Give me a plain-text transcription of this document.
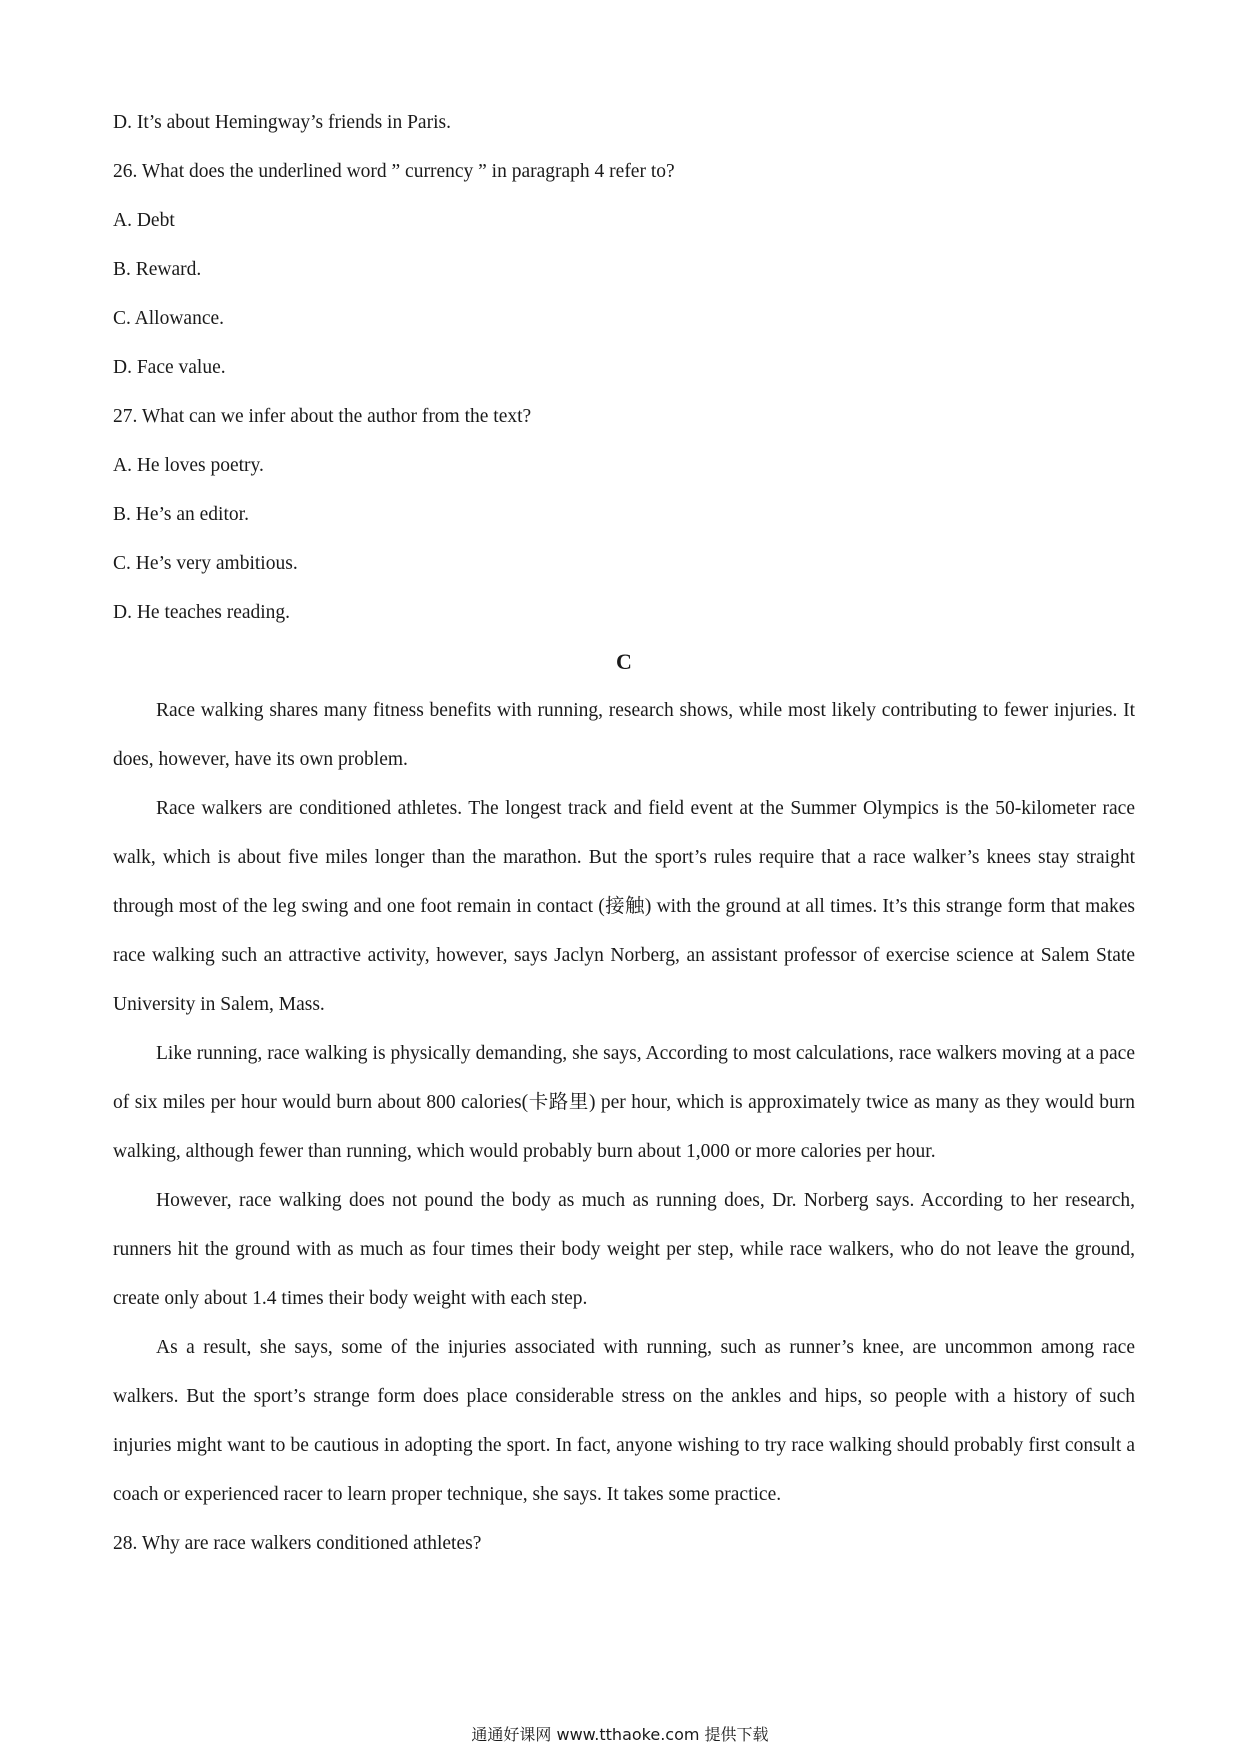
D. It’s about Hemingway’s friends in Paris.

26. What does the underlined word ” currency ” in paragraph 4 refer to?

A. Debt

B. Reward.

C. Allowance.

D. Face value.

27. What can we infer about the author from the text?

A. He loves poetry.

B. He’s an editor.

C. He’s very ambitious.

D. He teaches reading.

C

Race walking shares many fitness benefits with running, research shows, while most likely contributing to fewer injuries. It does, however, have its own problem.

Race walkers are conditioned athletes. The longest track and field event at the Summer Olympics is the 50-kilometer race walk, which is about five miles longer than the marathon. But the sport’s rules require that a race walker’s knees stay straight through most of the leg swing and one foot remain in contact (接触) with the ground at all times. It’s this strange form that makes race walking such an attractive activity, however, says Jaclyn Norberg, an assistant professor of exercise science at Salem State University in Salem, Mass.

Like running, race walking is physically demanding, she says, According to most calculations, race walkers moving at a pace of six miles per hour would burn about 800 calories(卡路里) per hour, which is approximately twice as many as they would burn walking, although fewer than running, which would probably burn about 1,000 or more calories per hour.

However, race walking does not pound the body as much as running does, Dr. Norberg says. According to her research, runners hit the ground with as much as four times their body weight per step, while race walkers, who do not leave the ground, create only about 1.4 times their body weight with each step.

As a result, she says, some of the injuries associated with running, such as runner’s knee, are uncommon among race walkers. But the sport’s strange form does place considerable stress on the ankles and hips, so people with a history of such injuries might want to be cautious in adopting the sport. In fact, anyone wishing to try race walking should probably first consult a coach or experienced racer to learn proper technique, she says. It takes some practice.

28. Why are race walkers conditioned athletes?

通通好课网 www.tthaoke.com 提供下载
